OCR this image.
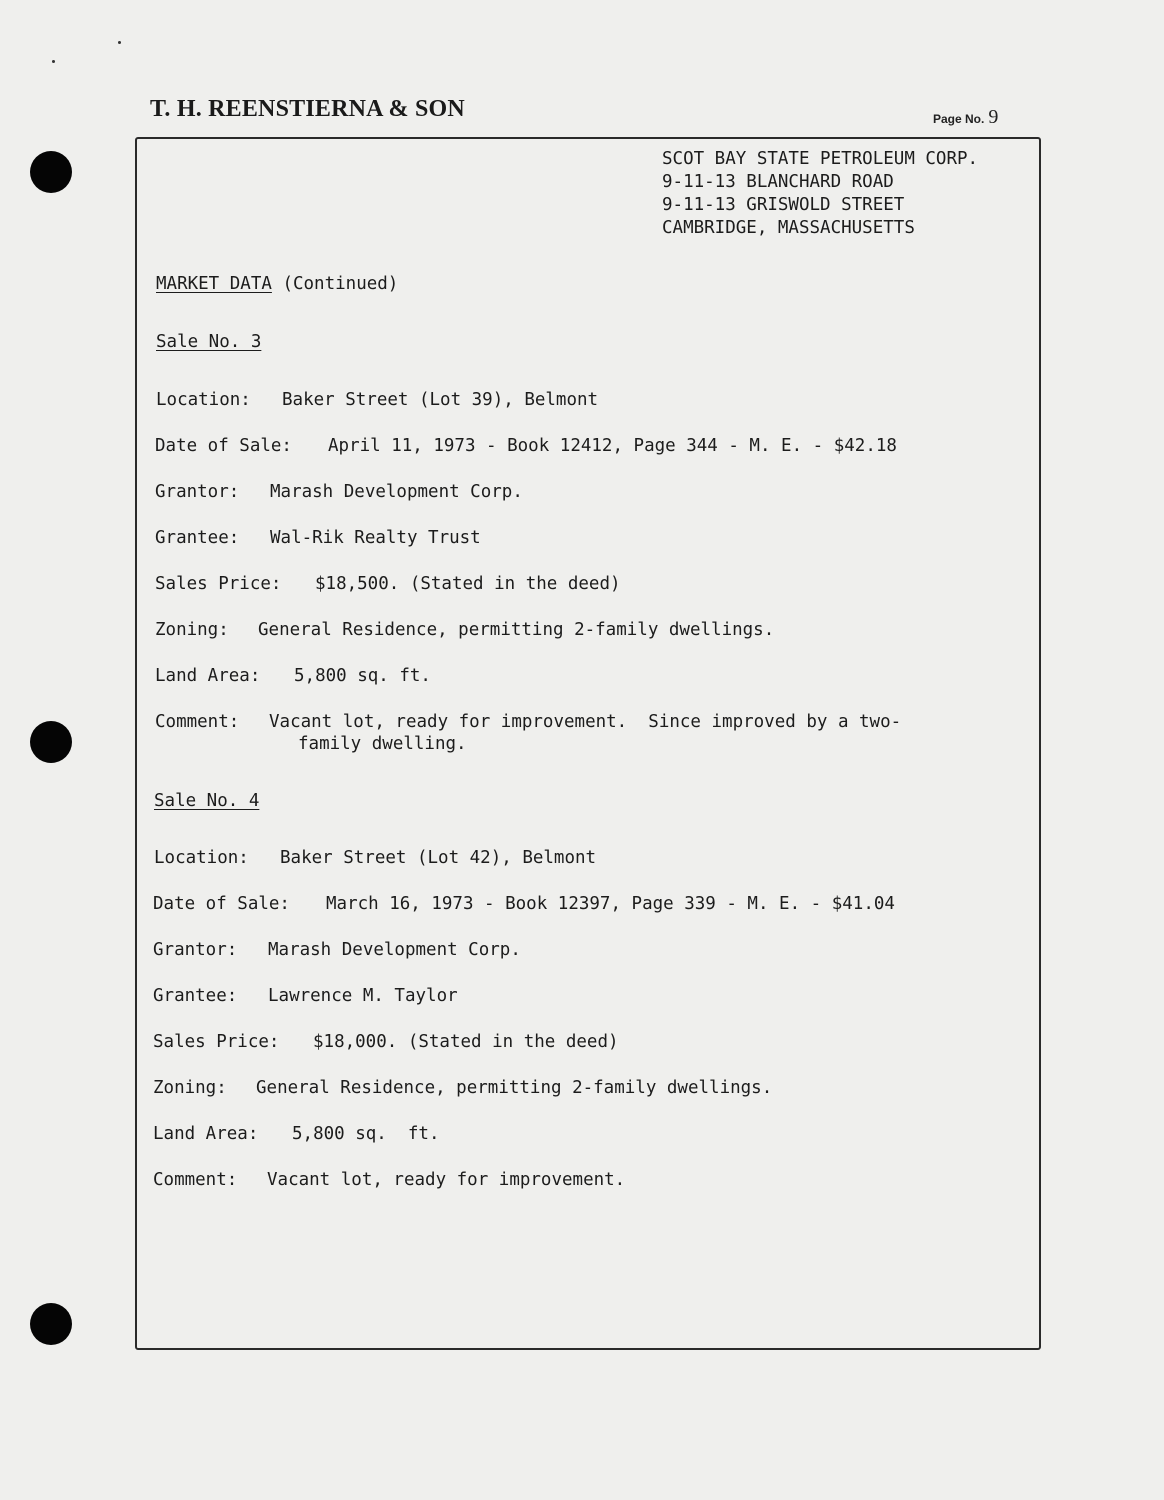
T. H. REENSTIERNA & SON	Page No. 9
SCOT BAY STATE PETROLEUM CORP.
9-11-13 BLANCHARD ROAD
9-11-13 GRISWOLD STREET
CAMBRIDGE, MASSACHUSETTS
MARKET DATA (Continued)
Sale No. 3
Location: Baker Street (Lot 39), Belmont
Date of Sale: April 11, 1973 - Book 12412, Page 344 - M. E. - $42.18
Grantor: Marash Development Corp.
Grantee: Wal-Rik Realty Trust
Sales Price: $18,500. (Stated in the deed)
Zoning: General Residence, permitting 2-family dwellings.
Land Area: 5,800 sq. ft.
Comment: Vacant lot, ready for improvement.  Since improved by a two-
family dwelling.
Sale No. 4
Location: Baker Street (Lot 42), Belmont
Date of Sale: March 16, 1973 - Book 12397, Page 339 - M. E. - $41.04
Grantor: Marash Development Corp.
Grantee: Lawrence M. Taylor
Sales Price: $18,000. (Stated in the deed)
Zoning: General Residence, permitting 2-family dwellings.
Land Area: 5,800 sq.  ft.
Comment: Vacant lot, ready for improvement.
